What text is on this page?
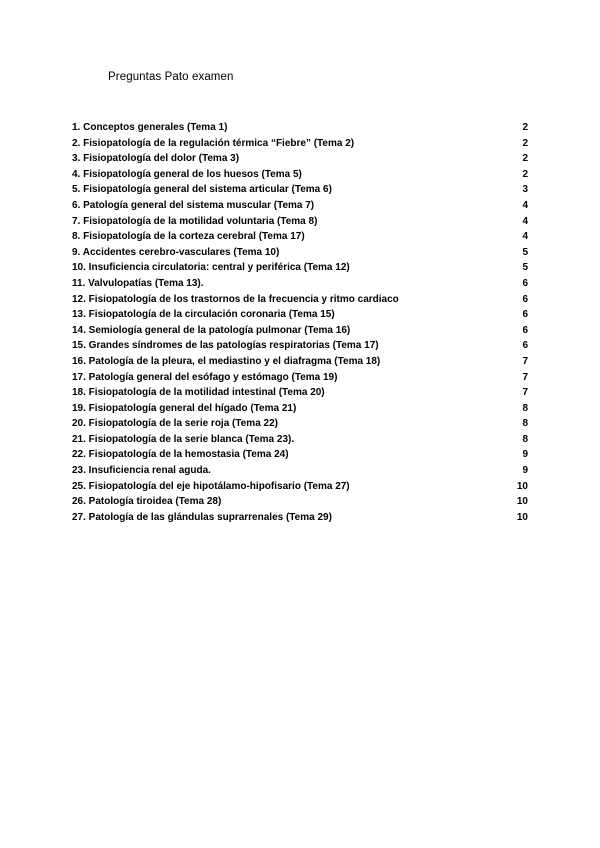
Preguntas Pato examen
1. Conceptos generales (Tema 1)	2
2. Fisiopatología de la regulación térmica “Fiebre” (Tema 2)	2
3. Fisiopatología del dolor (Tema 3)	2
4. Fisiopatología general de los huesos (Tema 5)	2
5. Fisiopatología general del sistema articular (Tema 6)	3
6. Patología general del sistema muscular (Tema 7)	4
7. Fisiopatología de la motilidad voluntaria (Tema 8)	4
8. Fisiopatología de la corteza cerebral (Tema 17)	4
9. Accidentes cerebro-vasculares (Tema 10)	5
10. Insuficiencia circulatoria: central y periférica (Tema 12)	5
11. Valvulopatías (Tema 13).	6
12. Fisiopatología de los trastornos de la frecuencia y ritmo cardiaco	6
13. Fisiopatología de la circulación coronaria (Tema 15)	6
14. Semiología general de la patología pulmonar (Tema 16)	6
15. Grandes síndromes de las patologías respiratorias (Tema 17)	6
16. Patología de la pleura, el mediastino y el diafragma (Tema 18)	7
17. Patología general del esófago y estómago (Tema 19)	7
18. Fisiopatología de la motilidad intestinal (Tema 20)	7
19. Fisiopatología general del hígado (Tema 21)	8
20. Fisiopatología de la serie roja (Tema 22)	8
21. Fisiopatología de la serie blanca (Tema 23).	8
22. Fisiopatología de la hemostasia (Tema 24)	9
23. Insuficiencia renal aguda.	9
25. Fisiopatología del eje hipotálamo-hipofisario (Tema 27)	10
26. Patología tiroidea (Tema 28)	10
27. Patología de las glándulas suprarrenales (Tema 29)	10
